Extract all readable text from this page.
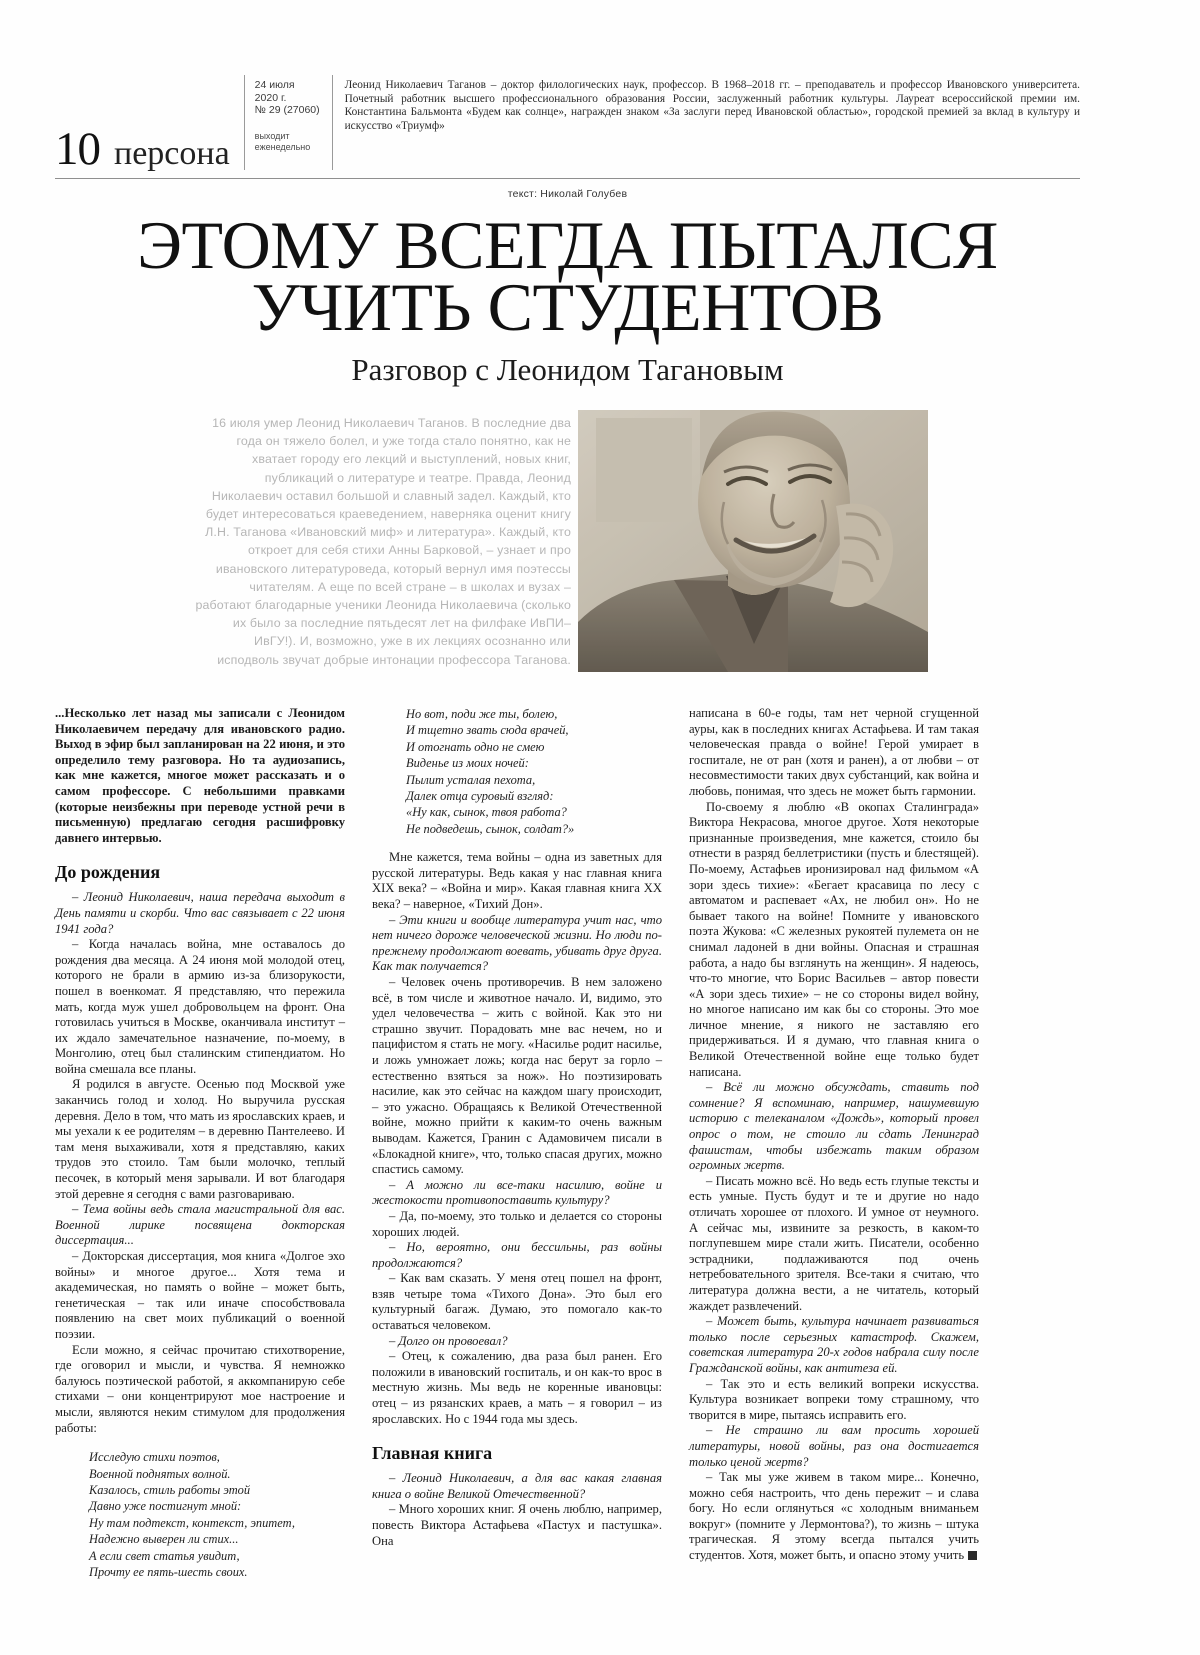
10 персона
24 июля
2020 г.
№ 29 (27060)
выходит
еженедельно

Леонид Николаевич Таганов – доктор филологических наук, профессор. В 1968–2018 гг. – преподаватель и профессор Ивановского университета. Почетный работник высшего профессионального образования России, заслуженный работник культуры. Лауреат всероссийской премии им. Константина Бальмонта «Будем как солнце», награжден знаком «За заслуги перед Ивановской областью», городской премией за вклад в культуру и искусство «Триумф»

текст: Николай Голубев
ЭТОМУ ВСЕГДА ПЫТАЛСЯ
УЧИТЬ СТУДЕНТОВ
Разговор с Леонидом Тагановым
16 июля умер Леонид Николаевич Таганов. В последние два года он тяжело болел, и уже тогда стало понятно, как не хватает городу его лекций и выступлений, новых книг, публикаций о литературе и театре. Правда, Леонид Николаевич оставил большой и славный задел. Каждый, кто будет интересоваться краеведением, наверняка оценит книгу Л.Н. Таганова «Ивановский миф» и литература». Каждый, кто откроет для себя стихи Анны Барковой, – узнает и про ивановского литературоведа, который вернул имя поэтессы читателям. А еще по всей стране – в школах и вузах – работают благодарные ученики Леонида Николаевича (сколько их было за последние пятьдесят лет на филфаке ИвПИ– ИвГУ!). И, возможно, уже в их лекциях осознанно или исподволь звучат добрые интонации профессора Таганова.

...Несколько лет назад мы записали с Леонидом Николаевичем передачу для ивановского радио. Выход в эфир был запланирован на 22 июня, и это определило тему разговора. Но та аудиозапись, как мне кажется, многое может рассказать и о самом профессоре. С небольшими правками (которые неизбежны при переводе устной речи в письменную) предлагаю сегодня расшифровку давнего интервью.

До рождения

– Леонид Николаевич, наша передача выходит в День памяти и скорби. Что вас связывает с 22 июня 1941 года?

– Когда началась война, мне оставалось до рождения два месяца. А 24 июня мой молодой отец, которого не брали в армию из-за близорукости, пошел в военкомат. Я представляю, что пережила мать, когда муж ушел добровольцем на фронт. Она готовилась учиться в Москве, оканчивала институт – их ждало замечательное назначение, по-моему, в Монголию, отец был сталинским стипендиатом. Но война смешала все планы.

Я родился в августе. Осенью под Москвой уже заканчись голод и холод. Но выручила русская деревня. Дело в том, что мать из ярославских краев, и мы уехали к ее родителям – в деревню Пантелеево. И там меня выхаживали, хотя я представляю, каких трудов это стоило. Там были молочко, теплый песочек, в который меня зарывали. И вот благодаря этой деревне я сегодня с вами разговариваю.

– Тема войны ведь стала магистральной для вас. Военной лирике посвящена докторская диссертация...

– Докторская диссертация, моя книга «Долгое эхо войны» и многое другое... Хотя тема и академическая, но память о войне – может быть, генетическая – так или иначе способствовала появлению на свет моих публикаций о военной поэзии.

Если можно, я сейчас прочитаю стихотворение, где оговорил и мысли, и чувства. Я немножко балуюсь поэтической работой, я аккомпанирую себе стихами – они концентрируют мое настроение и мысли, являются неким стимулом для продолжения работы:

Исследую стихи поэтов,
Военной поднятых волной.
Казалось, стиль работы этой
Давно уже постигнут мной:
Ну там подтекст, контекст, эпитет,
Надежно выверен ли стих...
А если свет статья увидит,
Прочту ее пять-шесть своих.
Но вот, поди же ты, болею,
И тщетно звать сюда врачей,
И отогнать одно не смею
Виденье из моих ночей:
Пылит усталая пехота,
Далек отца суровый взгляд:
«Ну как, сынок, твоя работа?
Не подведешь, сынок, солдат?»

Мне кажется, тема войны – одна из заветных для русской литературы. Ведь какая у нас главная книга XIX века? – «Война и мир». Какая главная книга XX века? – наверное, «Тихий Дон».

– Эти книги и вообще литература учит нас, что нет ничего дороже человеческой жизни. Но люди по-прежнему продолжают воевать, убивать друг друга. Как так получается?

– Человек очень противоречив. В нем заложено всё, в том числе и животное начало. И, видимо, это удел человечества – жить с войной. Как это ни страшно звучит. Порадовать мне вас нечем, но и пацифистом я стать не могу. «Насилье родит насилье, и ложь умножает ложь; когда нас берут за горло – естественно взяться за нож». Но поэтизировать насилие, как это сейчас на каждом шагу происходит, – это ужасно. Обращаясь к Великой Отечественной войне, можно прийти к каким-то очень важным выводам. Кажется, Гранин с Адамовичем писали в «Блокадной книге», что, только спасая других, можно спастись самому.

– А можно ли все-таки насилию, войне и жестокости противопоставить культуру?

– Да, по-моему, это только и делается со стороны хороших людей.

– Но, вероятно, они бессильны, раз войны продолжаются?

– Как вам сказать. У меня отец пошел на фронт, взяв четыре тома «Тихого Дона». Это был его культурный багаж. Думаю, это помогало как-то оставаться человеком.

– Долго он провоевал?

– Отец, к сожалению, два раза был ранен. Его положили в ивановский госпиталь, и он как-то врос в местную жизнь. Мы ведь не коренные ивановцы: отец – из рязанских краев, а мать – я говорил – из ярославских. Но с 1944 года мы здесь.

Главная книга

– Леонид Николаевич, а для вас какая главная книга о войне Великой Отечественной?

– Много хороших книг. Я очень люблю, например, повесть Виктора Астафьева «Пастух и пастушка». Она

написана в 60-е годы, там нет черной сгущенной ауры, как в последних книгах Астафьева. И там такая человеческая правда о войне! Герой умирает в госпитале, не от ран (хотя и ранен), а от любви – от несовместимости таких двух субстанций, как война и любовь, понимая, что здесь не может быть гармонии.

По-своему я люблю «В окопах Сталинграда» Виктора Некрасова, многое другое. Хотя некоторые признанные произведения, мне кажется, стоило бы отнести в разряд беллетристики (пусть и блестящей). По-моему, Астафьев иронизировал над фильмом «А зори здесь тихие»: «Бегает красавица по лесу с автоматом и распевает «Ах, не любил он». Но не бывает такого на войне! Помните у ивановского поэта Жукова: «С железных рукоятей пулемета он не снимал ладоней в дни войны. Опасная и страшная работа, а надо бы взглянуть на женщин». Я надеюсь, что-то многие, что Борис Васильев – автор повести «А зори здесь тихие» – не со стороны видел войну, но многое написано им как бы со стороны. Это мое личное мнение, я никого не заставляю его придерживаться. И я думаю, что главная книга о Великой Отечественной войне еще только будет написана.

– Всё ли можно обсуждать, ставить под сомнение? Я вспоминаю, например, нашумевшую историю с телеканалом «Дождь», который провел опрос о том, не стоило ли сдать Ленинград фашистам, чтобы избежать таким образом огромных жертв.

– Писать можно всё. Но ведь есть глупые тексты и есть умные. Пусть будут и те и другие но надо отличать хорошее от плохого. И умное от неумного. А сейчас мы, извините за резкость, в каком-то поглупевшем мире стали жить. Писатели, особенно эстрадники, подлаживаются под очень нетребовательного зрителя. Все-таки я считаю, что литература должна вести, а не читатель, который жаждет развлечений.

– Может быть, культура начинает развиваться только после серьезных катастроф. Скажем, советская литература 20-х годов набрала силу после Гражданской войны, как антитеза ей.

– Так это и есть великий вопреки искусства. Культура возникает вопреки тому страшному, что творится в мире, пытаясь исправить его.

– Не страшно ли вам просить хорошей литературы, новой войны, раз она достигается только ценой жертв?

– Так мы уже живем в таком мире... Конечно, можно себя настроить, что день пережит – и слава богу. Но если оглянуться «с холодным вниманьем вокруг» (помните у Лермонтова?), то жизнь – штука трагическая. Я этому всегда пытался учить студентов. Хотя, может быть, и опасно этому учить
